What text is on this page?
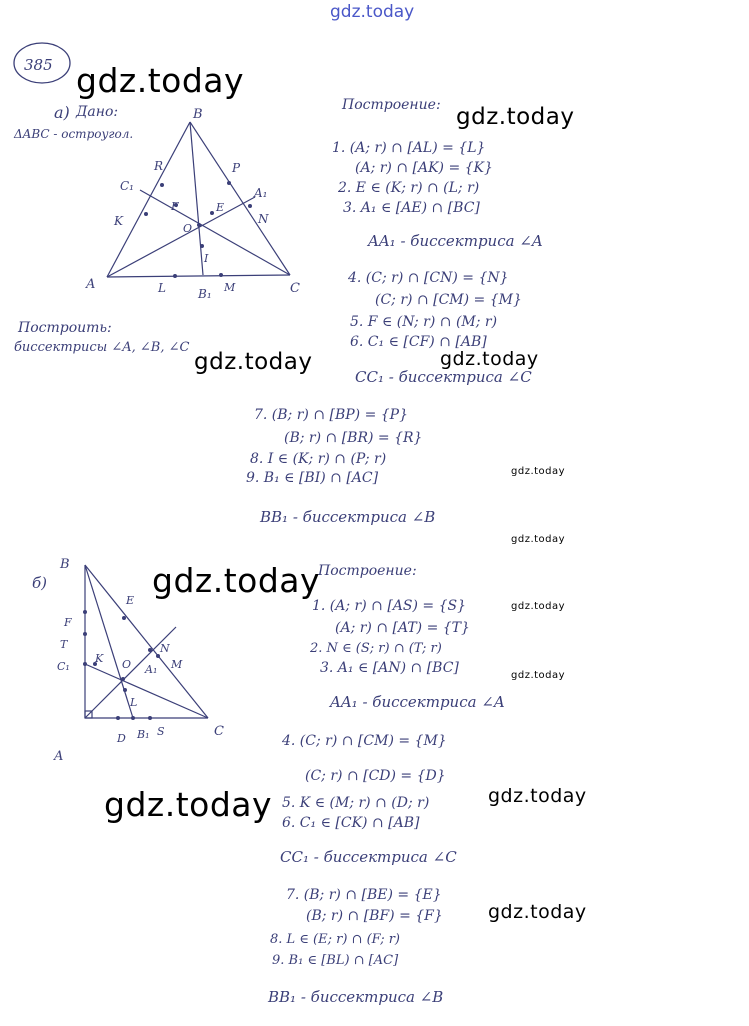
gdz.today
385
A
B
C
R	P
C₁	A₁
K	N
F	E
O
I
L	B₁ M
б)
B
A
C
F
T
C₁
K
E
N
M
A₁
O
L
D B₁ S
а) Дано:
ΔABC - остроугол.
Построить:
биссектрисы ∠A, ∠B, ∠C
Построение:
1. (A; r) ∩ [AL) = {L}
(A; r) ∩ [AK) = {K}
2. E ∈ (K; r) ∩ (L; r)
3. A₁ ∈ [AE) ∩ [BC]
AA₁ - биссектриса ∠A
4. (C; r) ∩ [CN) = {N}
(C; r) ∩ [CM) = {M}
5. F ∈ (N; r) ∩ (M; r)
6. C₁ ∈ [CF) ∩ [AB]
CC₁ - биссектриса ∠C
7. (B; r) ∩ [BP) = {P}
(B; r) ∩ [BR) = {R}
8. I ∈ (K; r) ∩ (P; r)
9. B₁ ∈ [BI) ∩ [AC]
BB₁ - биссектриса ∠B
Построение:
1. (A; r) ∩ [AS) = {S}
(A; r) ∩ [AT) = {T}
2. N ∈ (S; r) ∩ (T; r)
3. A₁ ∈ [AN) ∩ [BC]
AA₁ - биссектриса ∠A
4. (C; r) ∩ [CM) = {M}
(C; r) ∩ [CD) = {D}
5. K ∈ (M; r) ∩ (D; r)
6. C₁ ∈ [CK) ∩ [AB]
CC₁ - биссектриса ∠C
7. (B; r) ∩ [BE) = {E}
(B; r) ∩ [BF) = {F}
8. L ∈ (E; r) ∩ (F; r)
9. B₁ ∈ [BL) ∩ [AC]
BB₁ - биссектриса ∠B
gdz.today
gdz.today
gdz.today	gdz.today
gdz.today
gdz.today
gdz.today
gdz.today
gdz.today
gdz.today	gdz.today
gdz.today
